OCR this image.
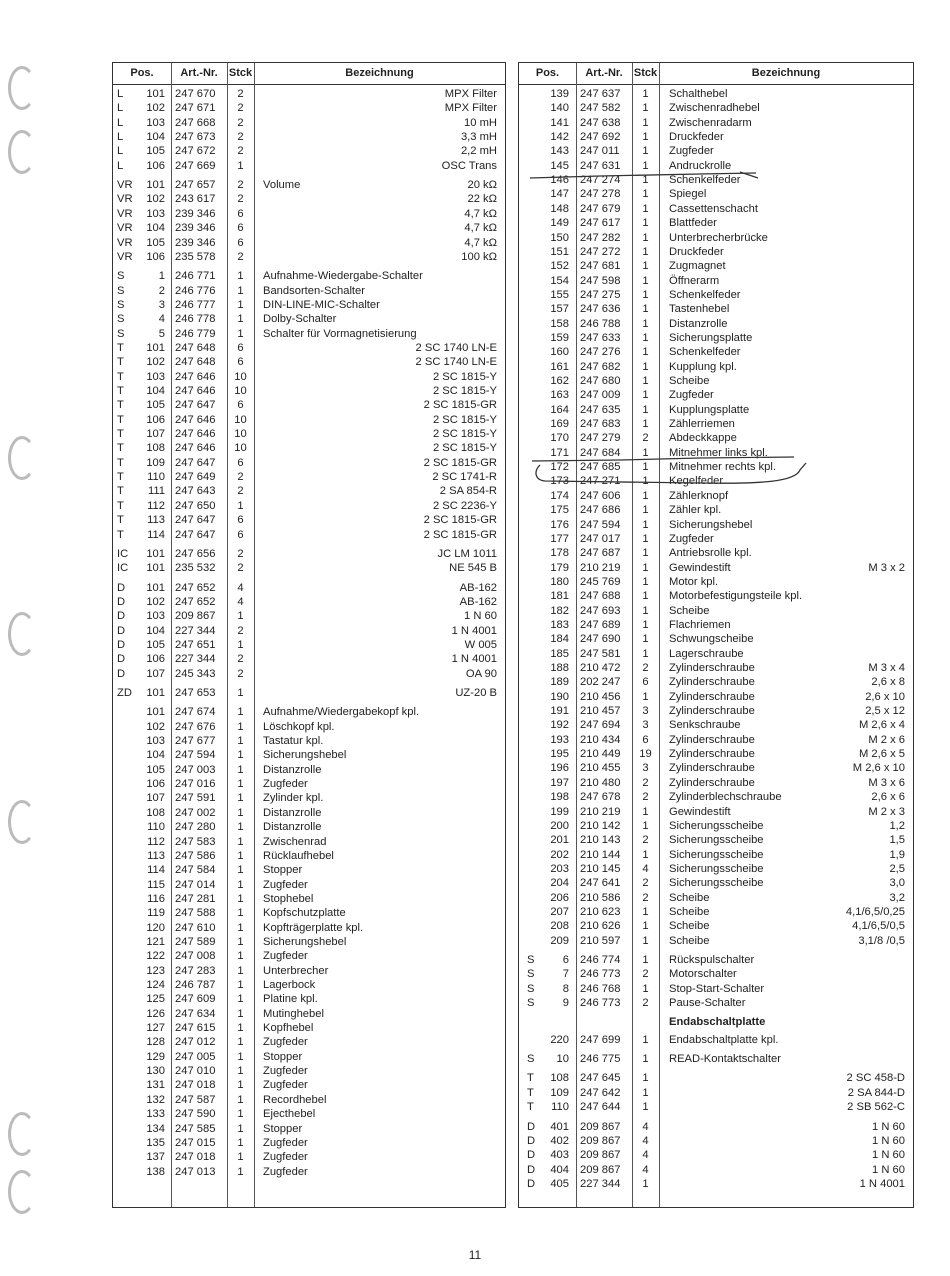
Pos.	Art.-Nr.	Stck	Bezeichnung
L	101 247 670	2	MPX Filter
L	102 247 671	2	MPX Filter
L	103 247 668	2	10 mH
L	104 247 673	2	3,3 mH
L	105 247 672	2	2,2 mH
L	106 247 669	1	OSC Trans
VR	101 247 657	2	Volume	20 kΩ
VR	102 243 617	2	22 kΩ
VR	103 239 346	6	4,7 kΩ
VR	104 239 346	6	4,7 kΩ
VR	105 239 346	6	4,7 kΩ
VR	106 235 578	2	100 kΩ
S	1 246 771	1	Aufnahme-Wiedergabe-Schalter
S	2 246 776	1	Bandsorten-Schalter
S	3 246 777	1	DIN-LINE-MIC-Schalter
S	4 246 778	1	Dolby-Schalter
S	5 246 779	1	Schalter für Vormagnetisierung
T	101 247 648	6	2 SC 1740 LN-E
T	102 247 648	6	2 SC 1740 LN-E
T	103 247 646	10	2 SC 1815-Y
T	104 247 646	10	2 SC 1815-Y
T	105 247 647	6	2 SC 1815-GR
T	106 247 646	10	2 SC 1815-Y
T	107 247 646	10	2 SC 1815-Y
T	108 247 646	10	2 SC 1815-Y
T	109 247 647	6	2 SC 1815-GR
T	110 247 649	2	2 SC 1741-R
T	111 247 643	2	2 SA 854-R
T	112 247 650	1	2 SC 2236-Y
T	113 247 647	6	2 SC 1815-GR
T	114 247 647	6	2 SC 1815-GR
IC	101 247 656	2	JC LM 1011
IC	101 235 532	2	NE 545 B
D	101 247 652	4	AB-162
D	102 247 652	4	AB-162
D	103 209 867	1	1 N 60
D	104 227 344	2	1 N 4001
D	105 247 651	1	W 005
D	106 227 344	2	1 N 4001
D	107 245 343	2	OA 90
ZD	101 247 653	1	UZ-20 B
101 247 674	1	Aufnahme/Wiedergabekopf kpl.
102 247 676	1	Löschkopf kpl.
103 247 677	1	Tastatur kpl.
104 247 594	1	Sicherungshebel
105 247 003	1	Distanzrolle
106 247 016	1	Zugfeder
107 247 591	1	Zylinder kpl.
108 247 002	1	Distanzrolle
110 247 280	1	Distanzrolle
112 247 583	1	Zwischenrad
113 247 586	1	Rücklaufhebel
114 247 584	1	Stopper
115 247 014	1	Zugfeder
116 247 281	1	Stophebel
119 247 588	1	Kopfschutzplatte
120 247 610	1	Kopfträgerplatte kpl.
121 247 589	1	Sicherungshebel
122 247 008	1	Zugfeder
123 247 283	1	Unterbrecher
124 246 787	1	Lagerbock
125 247 609	1	Platine kpl.
126 247 634	1	Mutinghebel
127 247 615	1	Kopfhebel
128 247 012	1	Zugfeder
129 247 005	1	Stopper
130 247 010	1	Zugfeder
131 247 018	1	Zugfeder
132 247 587	1	Recordhebel
133 247 590	1	Ejecthebel
134 247 585	1	Stopper
135 247 015	1	Zugfeder
137 247 018	1	Zugfeder
138 247 013	1	Zugfeder
Pos.	Art.-Nr.	Stck	Bezeichnung
139 247 637	1	Schalthebel
140 247 582	1	Zwischenradhebel
141 247 638	1	Zwischenradarm
142 247 692	1	Druckfeder
143 247 011	1	Zugfeder
145 247 631	1	Andruckrolle
146 247 274	1	Schenkelfeder
147 247 278	1	Spiegel
148 247 679	1	Cassettenschacht
149 247 617	1	Blattfeder
150 247 282	1	Unterbrecherbrücke
151 247 272	1	Druckfeder
152 247 681	1	Zugmagnet
154 247 598	1	Öffnerarm
155 247 275	1	Schenkelfeder
157 247 636	1	Tastenhebel
158 246 788	1	Distanzrolle
159 247 633	1	Sicherungsplatte
160 247 276	1	Schenkelfeder
161 247 682	1	Kupplung kpl.
162 247 680	1	Scheibe
163 247 009	1	Zugfeder
164 247 635	1	Kupplungsplatte
169 247 683	1	Zählerriemen
170 247 279	2	Abdeckkappe
171 247 684	1	Mitnehmer links kpl.
172 247 685	1	Mitnehmer rechts kpl.
173 247 271	1	Kegelfeder
174 247 606	1	Zählerknopf
175 247 686	1	Zähler kpl.
176 247 594	1	Sicherungshebel
177 247 017	1	Zugfeder
178 247 687	1	Antriebsrolle kpl.
179 210 219	1	Gewindestift	M 3 x 2
180 245 769	1	Motor kpl.
181 247 688	1	Motorbefestigungsteile kpl.
182 247 693	1	Scheibe
183 247 689	1	Flachriemen
184 247 690	1	Schwungscheibe
185 247 581	1	Lagerschraube
188 210 472	2	Zylinderschraube	M 3 x 4
189 202 247	6	Zylinderschraube	2,6 x 8
190 210 456	1	Zylinderschraube	2,6 x 10
191 210 457	3	Zylinderschraube	2,5 x 12
192 247 694	3	Senkschraube	M 2,6 x 4
193 210 434	6	Zylinderschraube	M 2 x 6
195 210 449	19	Zylinderschraube	M 2,6 x 5
196 210 455	3	Zylinderschraube	M 2,6 x 10
197 210 480	2	Zylinderschraube	M 3 x 6
198 247 678	2	Zylinderblechschraube	2,6 x 6
199 210 219	1	Gewindestift	M 2 x 3
200 210 142	1	Sicherungsscheibe	1,2
201 210 143	2	Sicherungsscheibe	1,5
202 210 144	1	Sicherungsscheibe	1,9
203 210 145	4	Sicherungsscheibe	2,5
204 247 641	2	Sicherungsscheibe	3,0
206 210 586	2	Scheibe	3,2
207 210 623	1	Scheibe	4,1/6,5/0,25
208 210 626	1	Scheibe	4,1/6,5/0,5
209 210 597	1	Scheibe	3,1/8 /0,5
S	6 246 774	1	Rückspulschalter
S	7 246 773	2	Motorschalter
S	8 246 768	1	Stop-Start-Schalter
S	9 246 773	2	Pause-Schalter
Endabschaltplatte
220 247 699	1	Endabschaltplatte kpl.
S	10 246 775	1	READ-Kontaktschalter
T	108 247 645	1	2 SC 458-D
T	109 247 642	1	2 SA 844-D
T	110 247 644	1	2 SB 562-C
D	401 209 867	4	1 N 60
D	402 209 867	4	1 N 60
D	403 209 867	4	1 N 60
D	404 209 867	4	1 N 60
D	405 227 344	1	1 N 4001
11
